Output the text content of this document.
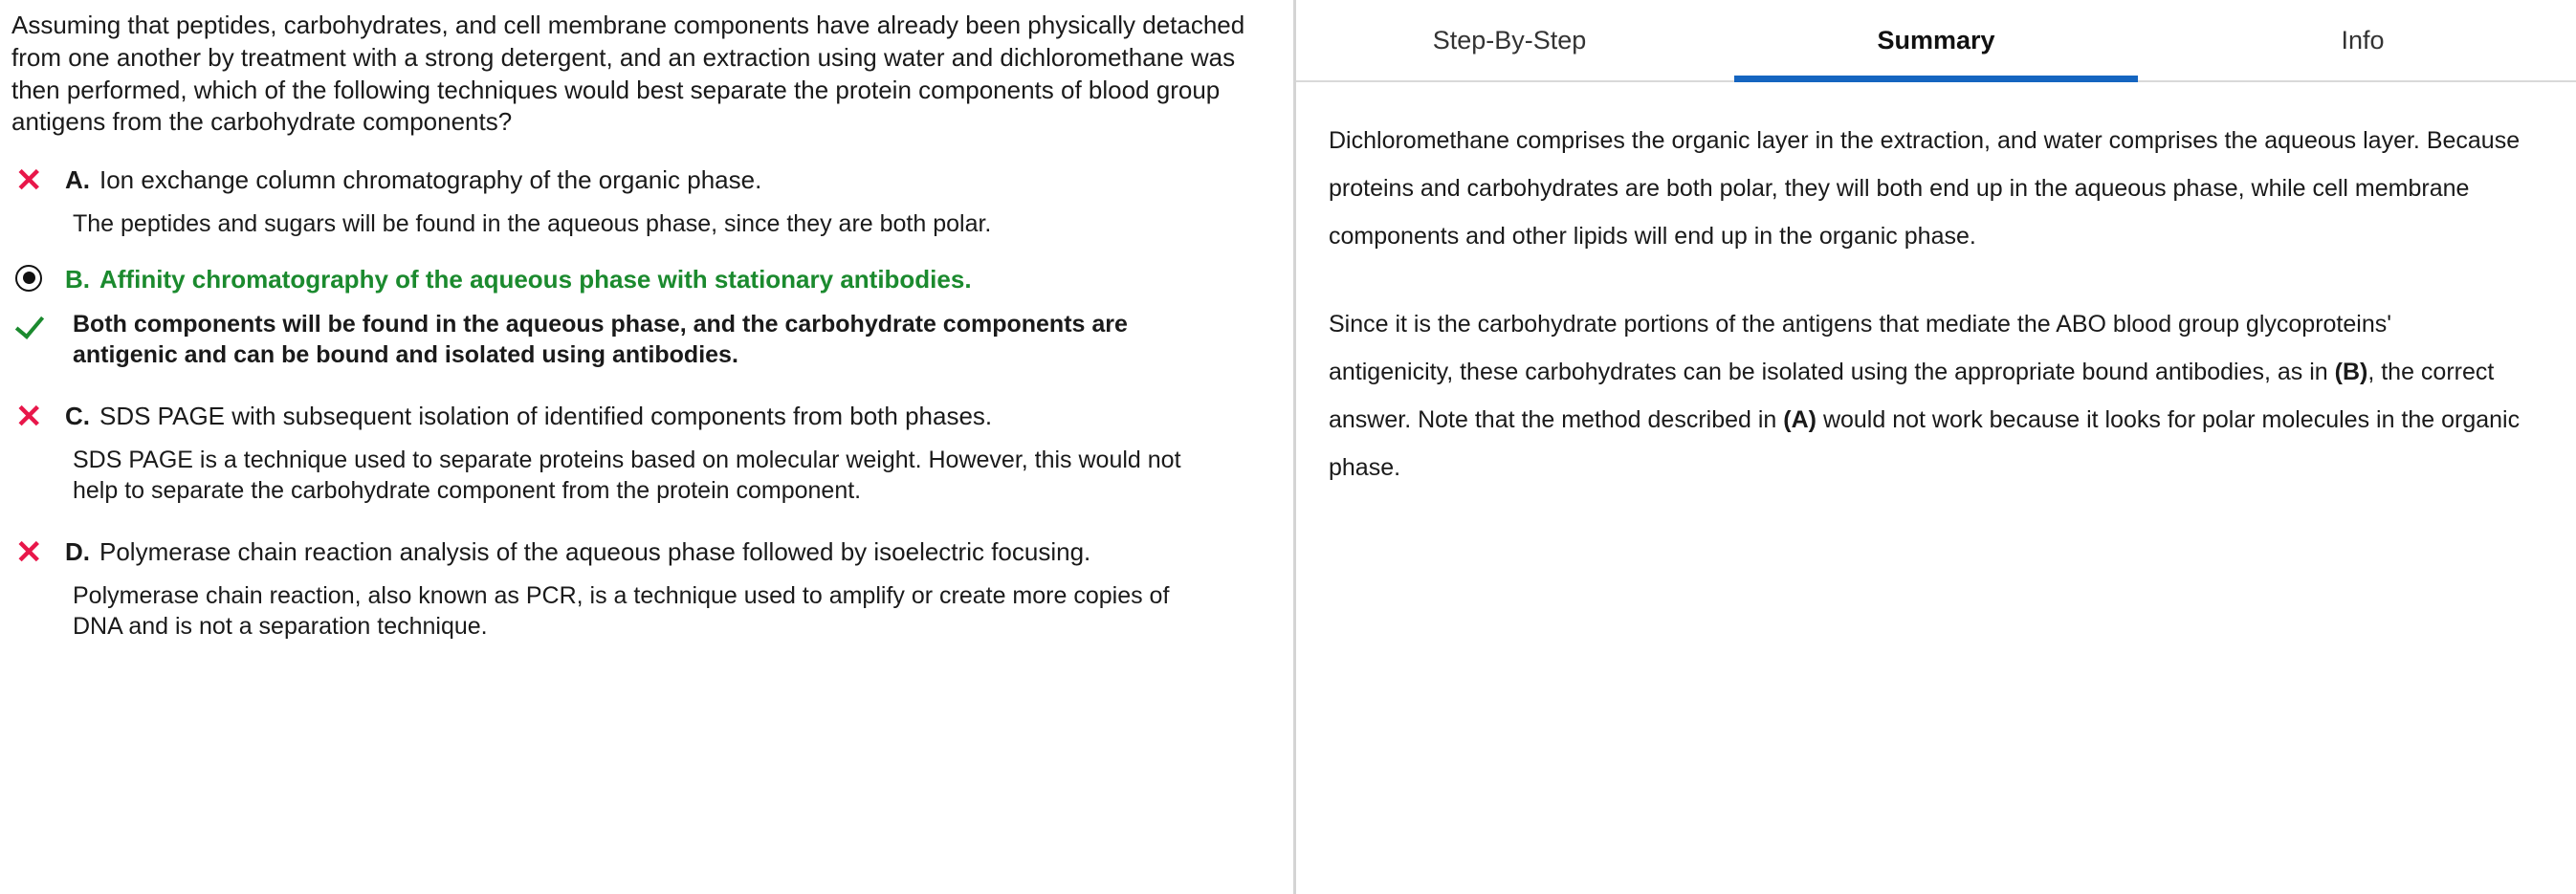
Assuming that peptides, carbohydrates, and cell membrane components have already been physically detached from one another by treatment with a strong detergent, and an extraction using water and dichloromethane was then performed, which of the following techniques would best separate the protein components of blood group antigens from the carbohydrate components?
✕ A. Ion exchange column chromatography of the organic phase.
The peptides and sugars will be found in the aqueous phase, since they are both polar.
B. Affinity chromatography of the aqueous phase with stationary antibodies.
Both components will be found in the aqueous phase, and the carbohydrate components are antigenic and can be bound and isolated using antibodies.
✕ C. SDS PAGE with subsequent isolation of identified components from both phases.
SDS PAGE is a technique used to separate proteins based on molecular weight. However, this would not help to separate the carbohydrate component from the protein component.
✕ D. Polymerase chain reaction analysis of the aqueous phase followed by isoelectric focusing.
Polymerase chain reaction, also known as PCR, is a technique used to amplify or create more copies of DNA and is not a separation technique.
Step-By-Step	Summary	Info

Dichloromethane comprises the organic layer in the extraction, and water comprises the aqueous layer. Because proteins and carbohydrates are both polar, they will both end up in the aqueous phase, while cell membrane components and other lipids will end up in the organic phase.

Since it is the carbohydrate portions of the antigens that mediate the ABO blood group glycoproteins' antigenicity, these carbohydrates can be isolated using the appropriate bound antibodies, as in (B), the correct answer. Note that the method described in (A) would not work because it looks for polar molecules in the organic phase.
